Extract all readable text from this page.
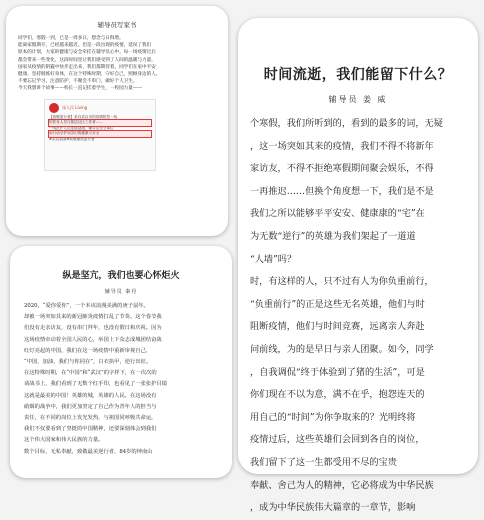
辅导员写家书
同学们，寒假一到，已是一周多日，想念与日俱增。
能离家假期开，已经越来越近。但是一段出现的疫情，延误了我们
原本的计划，大家的健康与安全牵挂在辅导员心中。每一场疫情过后
都会带来一些变化，这段时间里让我们感受到了人间的温暖与力量，
国家从疫情的阴霾中快步走出来，我们都期待着，同学们在家中平安
健康，坚持锻炼好身体，在这个特殊时期，守好自己，照顾身边的人，
不要忘记学习，注意防护，不聚会不串门，做好个人卫生。
今天我想讲个故事——校长一直记挂着学生，一校园力量——
深人民 Living
【致敬逆行者】来自武汉市的疫情防控一线
的医务人员与基层社区工作者……
一线医护人员连续奋战，辅导员坚守岗位
用行动守护同学们的健康与安全
#武汉加油#致敬最美逆行者
时间流逝，我们能留下什么？
辅导员 姜 威
个寒假，我们所听到的，看到的最多的词，无疑
，这一场突如其来的疫情，我们不得不将新年
家访友，不得不拒绝寒假期间聚会娱乐，不得
一再推迟……但换个角度想一下，我们是不是
我们之所以能够平平安安、健康康的“宅”在
为无数“逆行”的英雄为我们架起了一道道
“人墙”吗？
时，有这样的人，只不过有人为你负重前行，
“负重前行”的正是这些无名英雄，他们与时
阻断疫情，他们与时间竞赛，远离亲人奔赴
问前线，为的是早日与亲人团聚。如今，同学
，自我调侃“终于体验到了猪的生活”，可是
你们现在不以为意，满不在乎，抱怨连天的
用自己的“时间”为你争取来的？光明终将
疫情过后，这些英雄们会回到各自的岗位，
我们留下了这一生都受用不尽的宝贵
奉献、舍己为人的精神，它必将成为中华民族
，成为中华民族伟大篇章的一章节，影响
纵是坚亢，我们也要心怀炬火
辅导员 秦丹
2020，“爱你爱你”，一个本该浪漫美满的庚子鼠年。
却被一场突如其来的新冠肺炎疫情打乱了节奏。这个春节我
们没有走亲访友，没有串门拜年，也没有假日和庆祝。因为
这场疫情牵动着全国人民的心，举国上下众志成城团结奋战
红灯亮起的中国，我们在这一场疫情中重新审视自己，
“中国，加油，我们与你同在”，白衣执甲，逆行出征。
在这特殊时期，在“中国”和“武汉”的字样下，在一次次的
请战书上，我们看到了无数个红手印，也看见了一张张护目镜
这就是最美的中国！英雄的城，英雄的人民。在这场没有
硝烟的战争中，我们更加坚定了自己作为青年人的担当与
责任，在不同的岗位上发光发热，与祖国同呼吸共命运，
我们不仅要看到了坚挺的中国精神，还要深刻体会到我们
这个伟大国家和伟大民族的力量。
数个目标，无私奉献，致敬最美逆行者，84岁的钟南山
